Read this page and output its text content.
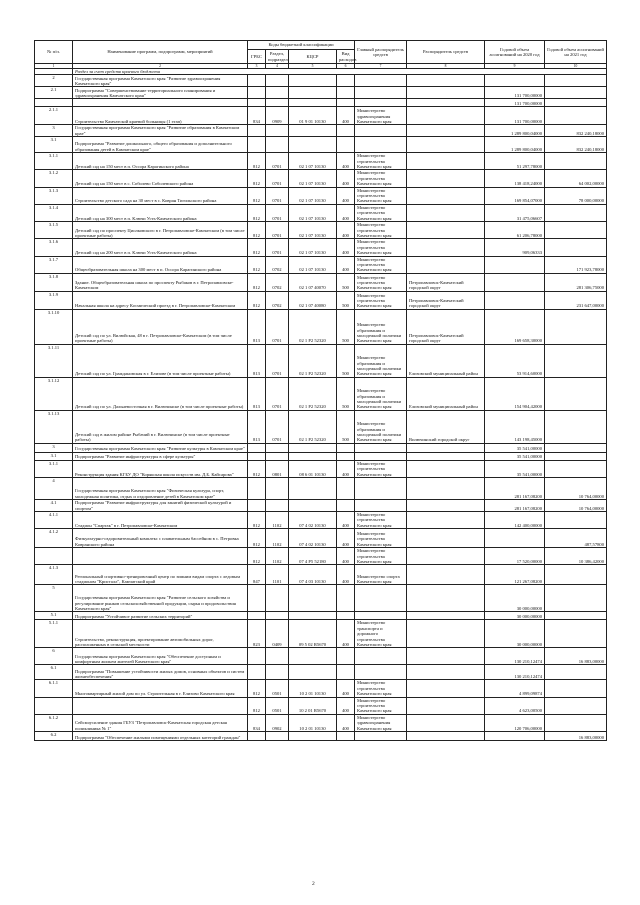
№ п/п.	Наименование программ, подпрограмм, мероприятий	Коды бюджетной классификации				Главный распорядитель средств	Распорядитель средств	Годовой объем ассигнований на 2020 год	Годовой объем ассигнований на 2021 год
		ГРБС	Раздел, подраздел	КЦСР	Вид расходов				
1	2	3	4	5	6	7	8	9	10
	Раздел за счет средств краевого бюджета								
2	Государственная программа Камчатского края "Развитие здравоохранения Камчатского края"								
2.1	Подпрограмма "Совершенствование территориального планирования и здравоохранения Камчатского края"							131 700,00000	
								131 700,00000	
2.1.1	Строительство Камчатской краевой больницы (1 этап)	834	0909	01 9 01 10130	400	Министерство здравоохранения Камчатского края		131 700,00000	
3	Государственная программа Камчатского края "Развитие образования в Камчатском крае"							1 289 800,04000	832 240,18000
3.1	Подпрограмма "Развитие дошкольного, общего образования и дополнительного образования детей в Камчатском крае"							1 289 800,04000	832 240,18000
3.1.1	Детский сад на 150 мест в п. Оссора Карагинского района	812	0701	02 1 07 10130	400	Министерство строительства Камчатского края		51 297,78000	
3.1.2	Детский сад на 150 мест в с. Соболево Соболевского района	812	0701	02 1 07 10130	400	Министерство строительства Камчатского края		138 418,24000	64 002,00000
3.1.3	Строительство детского сада на 30 мест в с. Ковран Тигильского района	812	0701	02 1 07 10130	400	Министерство строительства Камчатского края		169 854,07000	78 000,00000
3.1.4	Детский сад на 300 мест в п. Ключи Усть-Камчатского района	812	0701	02 1 07 10130	400	Министерство строительства Камчатского края		31 475,06607	
3.1.5	Детский сад по проспекту Циолковского в г. Петропавловске-Камчатском (в том числе проектные работы)	812	0701	02 1 07 10130	400	Министерство строительства Камчатского края		61 206,78000	
3.1.6	Детский сад на 200 мест в п. Ключи Усть-Камчатского района	812	0701	02 1 07 10130	400	Министерство строительства Камчатского края		909,06333	
3.1.7	Общеобразовательная школа на 300 мест в п. Оссора Карагинского района	812	0702	02 1 07 10130	400	Министерство строительства Камчатского края			171 923,78000
3.1.8	Здание. Общеобразовательная школа по проспекту Рыбаков в г. Петропавловске-Камчатском	812	0702	02 1 07 40070	500	Министерство строительства Камчатского края	Петропавловск-Камчатский городской округ		281 306,75000
3.1.9	Начальная школа на адресу Космический проезд в г. Петропавловске-Камчатском	812	0702	02 1 07 40080	500	Министерство строительства Камчатского края	Петропавловск-Камчатский городской округ		231 647,00000
3.1.10	Детский сад по ул. Вилюйская, 48 в г. Петропавловске-Камчатском (в том числе проектные работы)	813	0701	02 1 P2 52320	500	Министерство образования и молодежной политики Камчатского края	Петропавловск-Камчатский городской округ	169 658,30000	
3.1.11	Детский сад по ул. Граждановская в г. Елизове (в том числе проектные работы)	813	0701	02 1 P2 52320	500	Министерство образования и молодежной политики Камчатского края	Елизовский муниципальный район	53 914,60000	
3.1.12	Детский сад по ул. Дальневосточная в г. Вилючинске (в том числе проектные работы)	813	0701	02 1 P2 52320	500	Министерство образования и молодежной политики Камчатского края	Елизовский муниципальный район	154 904,42000	
3.1.13	Детский сад в жилом районе Рыбачий в г. Вилючинске (в том числе проектные работы)	813	0701	02 1 P2 52320	500	Министерство образования и молодежной политики Камчатского края	Вилючинский городской округ	143 198,45000	
3	Государственная программа Камчатского края "Развитие культуры в Камчатском крае"							35 541,00000	
3.1	Подпрограмма "Развитие инфраструктуры в сфере культуры"							35 541,00000	
3.1.1	Реконструкция здания КГБУ ДО "Корякская школа искусств им. Д.Б. Кайсарова"	812	0801	08 6 01 10130	400	Министерство строительства Камчатского края		35 541,00000	
4	Государственная программа Камчатского края "Физическая культура, спорт, молодежная политика, отдых и оздоровление детей в Камчатском крае"							281 167,08200	10 764,00000
4.1	Подпрограмма "Развитие инфраструктуры для занятий физической культурой и спортом"							281 167,08200	10 764,00000
4.1.1	Стадион "Спартак" в г. Петропавловске-Камчатском	812	1102	07 4 02 10130	400	Министерство строительства Камчатского края		142 400,00000	
4.1.2	Физкультурно-оздоровительный комплекс с плавательным бассейном в с. Петровка Ковранского района	812	1102	07 4 02 10130	400	Министерство строительства Камчатского края			487,57800
		812	1102	07 4 P5 52180	400	Министерство строительства Камчатского края		17 520,00000	10 386,42000
4.1.3	Региональный спортивно-тренировочный центр по зимним видам спорта с ледовым стадионом "Кристалл", Камчатский край	847	1101	07 4 03 10130	400	Министерство спорта Камчатского края		121 267,08200	
5	Государственная программа Камчатского края "Развитие сельского хозяйства и регулирование рынков сельскохозяйственной продукции, сырья и продовольствия Камчатского края"							30 000,00000	
5.1	Подпрограмма "Устойчивое развитие сельских территорий"							30 000,00000	
5.1.1	Строительство, реконструкция, проектирование автомобильных дорог, расположенных в сельской местности	823	0409	09 5 02 R5670	400	Министерство транспорта и дорожного строительства Камчатского края		30 000,00000	
6	Государственная программа Камчатского края "Обеспечение доступным и комфортным жильем жителей Камчатского края"							130 210,12474	16 883,00000
6.1	Подпрограмма "Повышение устойчивости жилых домов, основных объектов и систем жизнеобеспечения"							130 210,12474	
6.1.1	Многоквартирный жилой дом по ул. Строительная в г. Елизово Камчатского края	812	0501	10 2 01 10130	400	Министерство строительства Камчатского края		4 899,09874	
		812	0501	10 2 01 R5670	400	Министерство строительства Камчатского края		4 623,00500	
6.1.2	Сейсмоусиление здания ГБУЗ "Петропавловск-Камчатская городская детская поликлиника № 1"	834	0902	10 2 01 10130	400	Министерство здравоохранения Камчатского края		120 706,00000	
6.2	Подпрограмма "Обеспечение жилыми помещениями отдельных категорий граждан"								16 883,00000
2
